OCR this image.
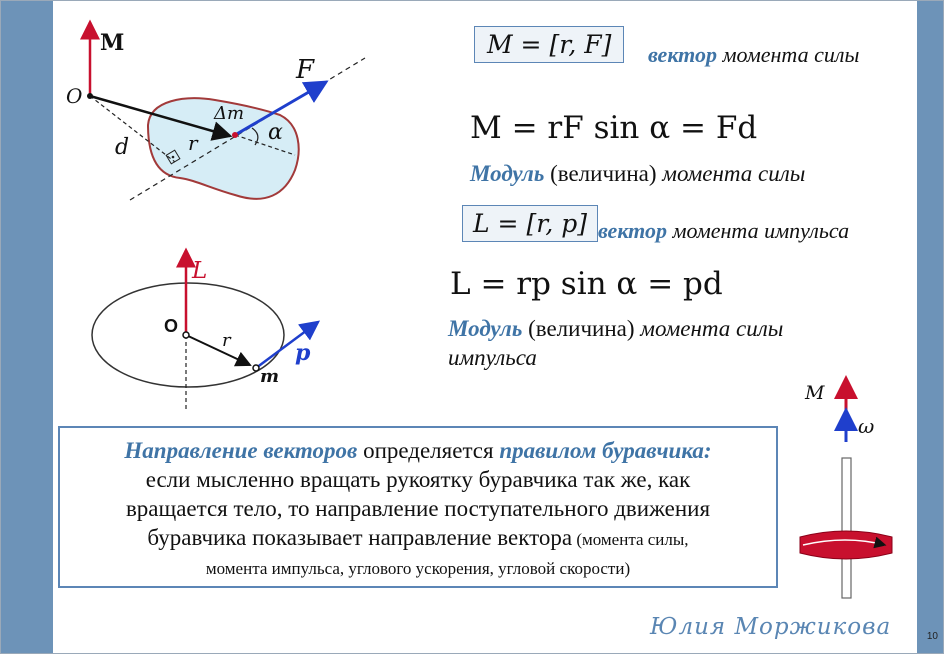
M
O
d
Δm
r	α
F
L
O
r	p
m
M
ω
M = [r, F]	вектор момента силы
M = rF sin α = Fd
Модуль (величина) момента силы
L = [r, p] вектор момента импульса
L = rp sin α = pd
Модуль (величина) момента силы
импульса
Направление векторов определяется правилом буравчика:
если мысленно вращать рукоятку буравчика так же, как
вращается тело, то направление поступательного движения
буравчика показывает направление вектора (момента силы,
момента импульса, углового ускорения, угловой скорости)
Юлия Моржикова	10
